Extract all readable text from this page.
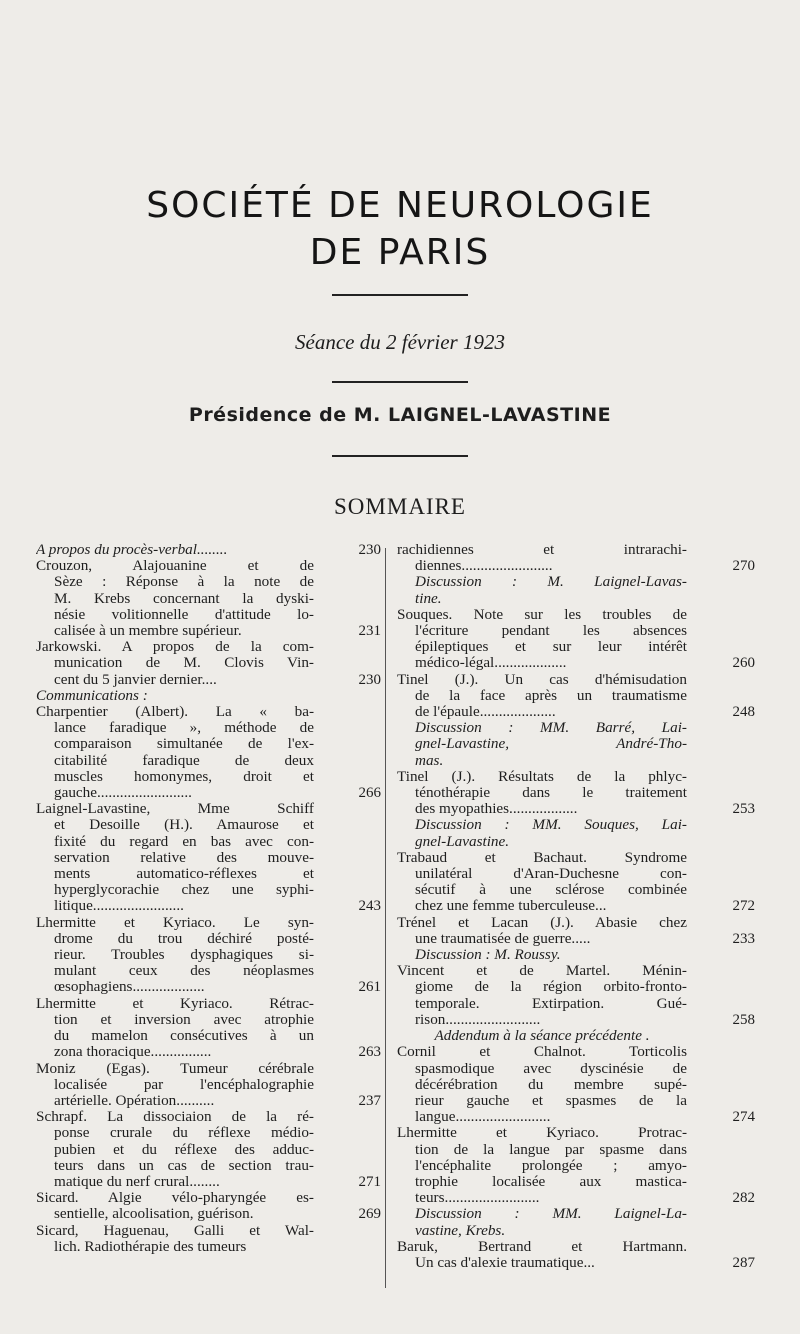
SOCIÉTÉ DE NEUROLOGIE
DE PARIS
Séance du 2 février 1923
Présidence de M. LAIGNEL-LAVASTINE
SOMMAIRE
A propos du procès-verbal........	230
Crouzon, Alajouanine et de
Sèze : Réponse à la note de
M. Krebs concernant la dyski-
nésie volitionnelle d'attitude lo-
calisée à un membre supérieur.	231
Jarkowski. A propos de la com-
munication de M. Clovis Vin-
cent du 5 janvier dernier....	230
Communications :
Charpentier (Albert). La « ba-
lance faradique », méthode de
comparaison simultanée de l'ex-
citabilité faradique de deux
muscles homonymes, droit et
gauche.........................	266
Laignel-Lavastine, Mme Schiff
et Desoille (H.). Amaurose et
fixité du regard en bas avec con-
servation relative des mouve-
ments automatico-réflexes et
hyperglycorachie chez une syphi-
litique........................	243
Lhermitte et Kyriaco. Le syn-
drome du trou déchiré posté-
rieur. Troubles dysphagiques si-
mulant ceux des néoplasmes
œsophagiens...................	261
Lhermitte et Kyriaco. Rétrac-
tion et inversion avec atrophie
du mamelon consécutives à un
zona thoracique................	263
Moniz (Egas). Tumeur cérébrale
localisée par l'encéphalographie
artérielle. Opération..........	237
Schrapf. La dissociaion de la ré-
ponse crurale du réflexe médio-
pubien et du réflexe des adduc-
teurs dans un cas de section trau-
matique du nerf crural........	271
Sicard. Algie vélo-pharyngée es-
sentielle, alcoolisation, guérison.	269
Sicard, Haguenau, Galli et Wal-
lich. Radiothérapie des tumeurs
rachidiennes et intrarachi-
diennes........................	270
Discussion : M. Laignel-Lavas-
tine.
Souques. Note sur les troubles de
l'écriture pendant les absences
épileptiques et sur leur intérêt
médico-légal...................	260
Tinel (J.). Un cas d'hémisudation
de la face après un traumatisme
de l'épaule....................	248
Discussion : MM. Barré, Lai-
gnel-Lavastine, André-Tho-
mas.
Tinel (J.). Résultats de la phlyc-
ténothérapie dans le traitement
des myopathies..................	253
Discussion : MM. Souques, Lai-
gnel-Lavastine.
Trabaud et Bachaut. Syndrome
unilatéral d'Aran-Duchesne con-
sécutif à une sclérose combinée
chez une femme tuberculeuse...	272
Trénel et Lacan (J.). Abasie chez
une traumatisée de guerre.....	233
Discussion : M. Roussy.
Vincent et de Martel. Ménin-
giome de la région orbito-fronto-
temporale. Extirpation. Gué-
rison.........................	258
Addendum à la séance précédente .
Cornil et Chalnot. Torticolis
spasmodique avec dyscinésie de
décérébration du membre supé-
rieur gauche et spasmes de la
langue.........................	274
Lhermitte et Kyriaco. Protrac-
tion de la langue par spasme dans
l'encéphalite prolongée ; amyo-
trophie localisée aux mastica-
teurs.........................	282
Discussion : MM. Laignel-La-
vastine, Krebs.
Baruk, Bertrand et Hartmann.
Un cas d'alexie traumatique...	287
